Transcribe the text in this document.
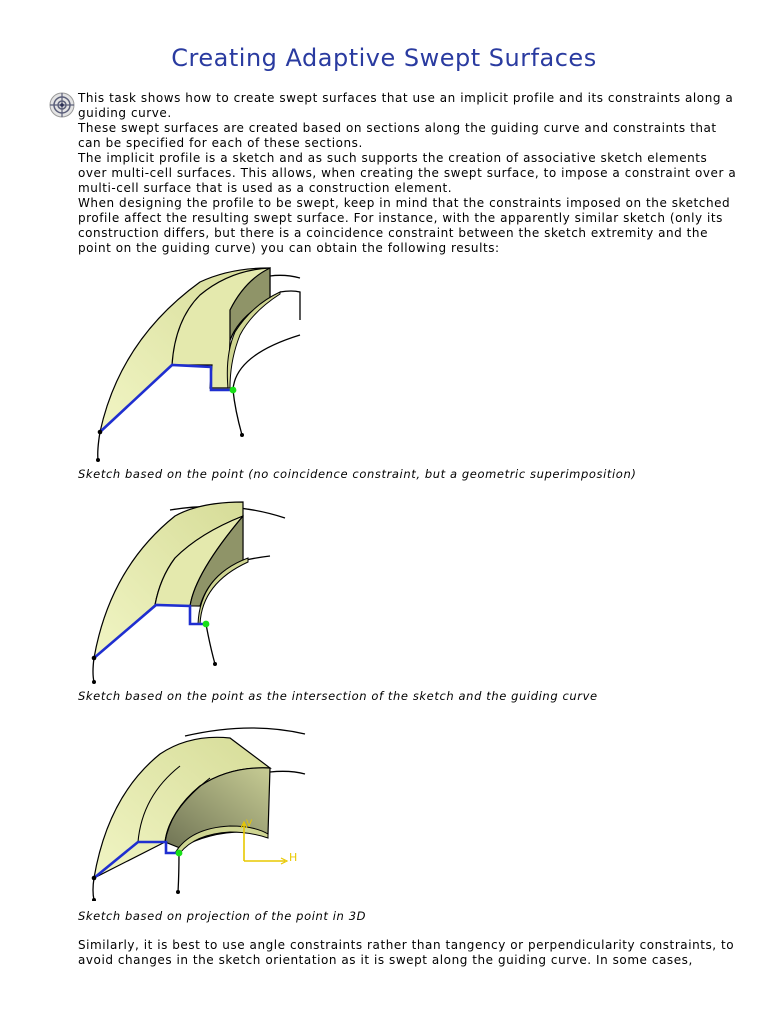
Creating Adaptive Swept Surfaces

This task shows how to create swept surfaces that use an implicit profile and its constraints along a guiding curve.

These swept surfaces are created based on sections along the guiding curve and constraints that can be specified for each of these sections.

The implicit profile is a sketch and as such supports the creation of associative sketch elements over multi-cell surfaces. This allows, when creating the swept surface, to impose a constraint over a multi-cell surface that is used as a construction element.

When designing the profile to be swept, keep in mind that the constraints imposed on the sketched profile affect the resulting swept surface. For instance, with the apparently similar sketch (only its construction differs, but there is a coincidence constraint between the sketch extremity and the point on the guiding curve) you can obtain the following results:

Sketch based on the point (no coincidence constraint, but a geometric superimposition)

Sketch based on the point as the intersection of the sketch and the guiding curve

V
H

Sketch based on projection of the point in 3D

Similarly, it is best to use angle constraints rather than tangency or perpendicularity constraints, to avoid changes in the sketch orientation as it is swept along the guiding curve. In some cases,
